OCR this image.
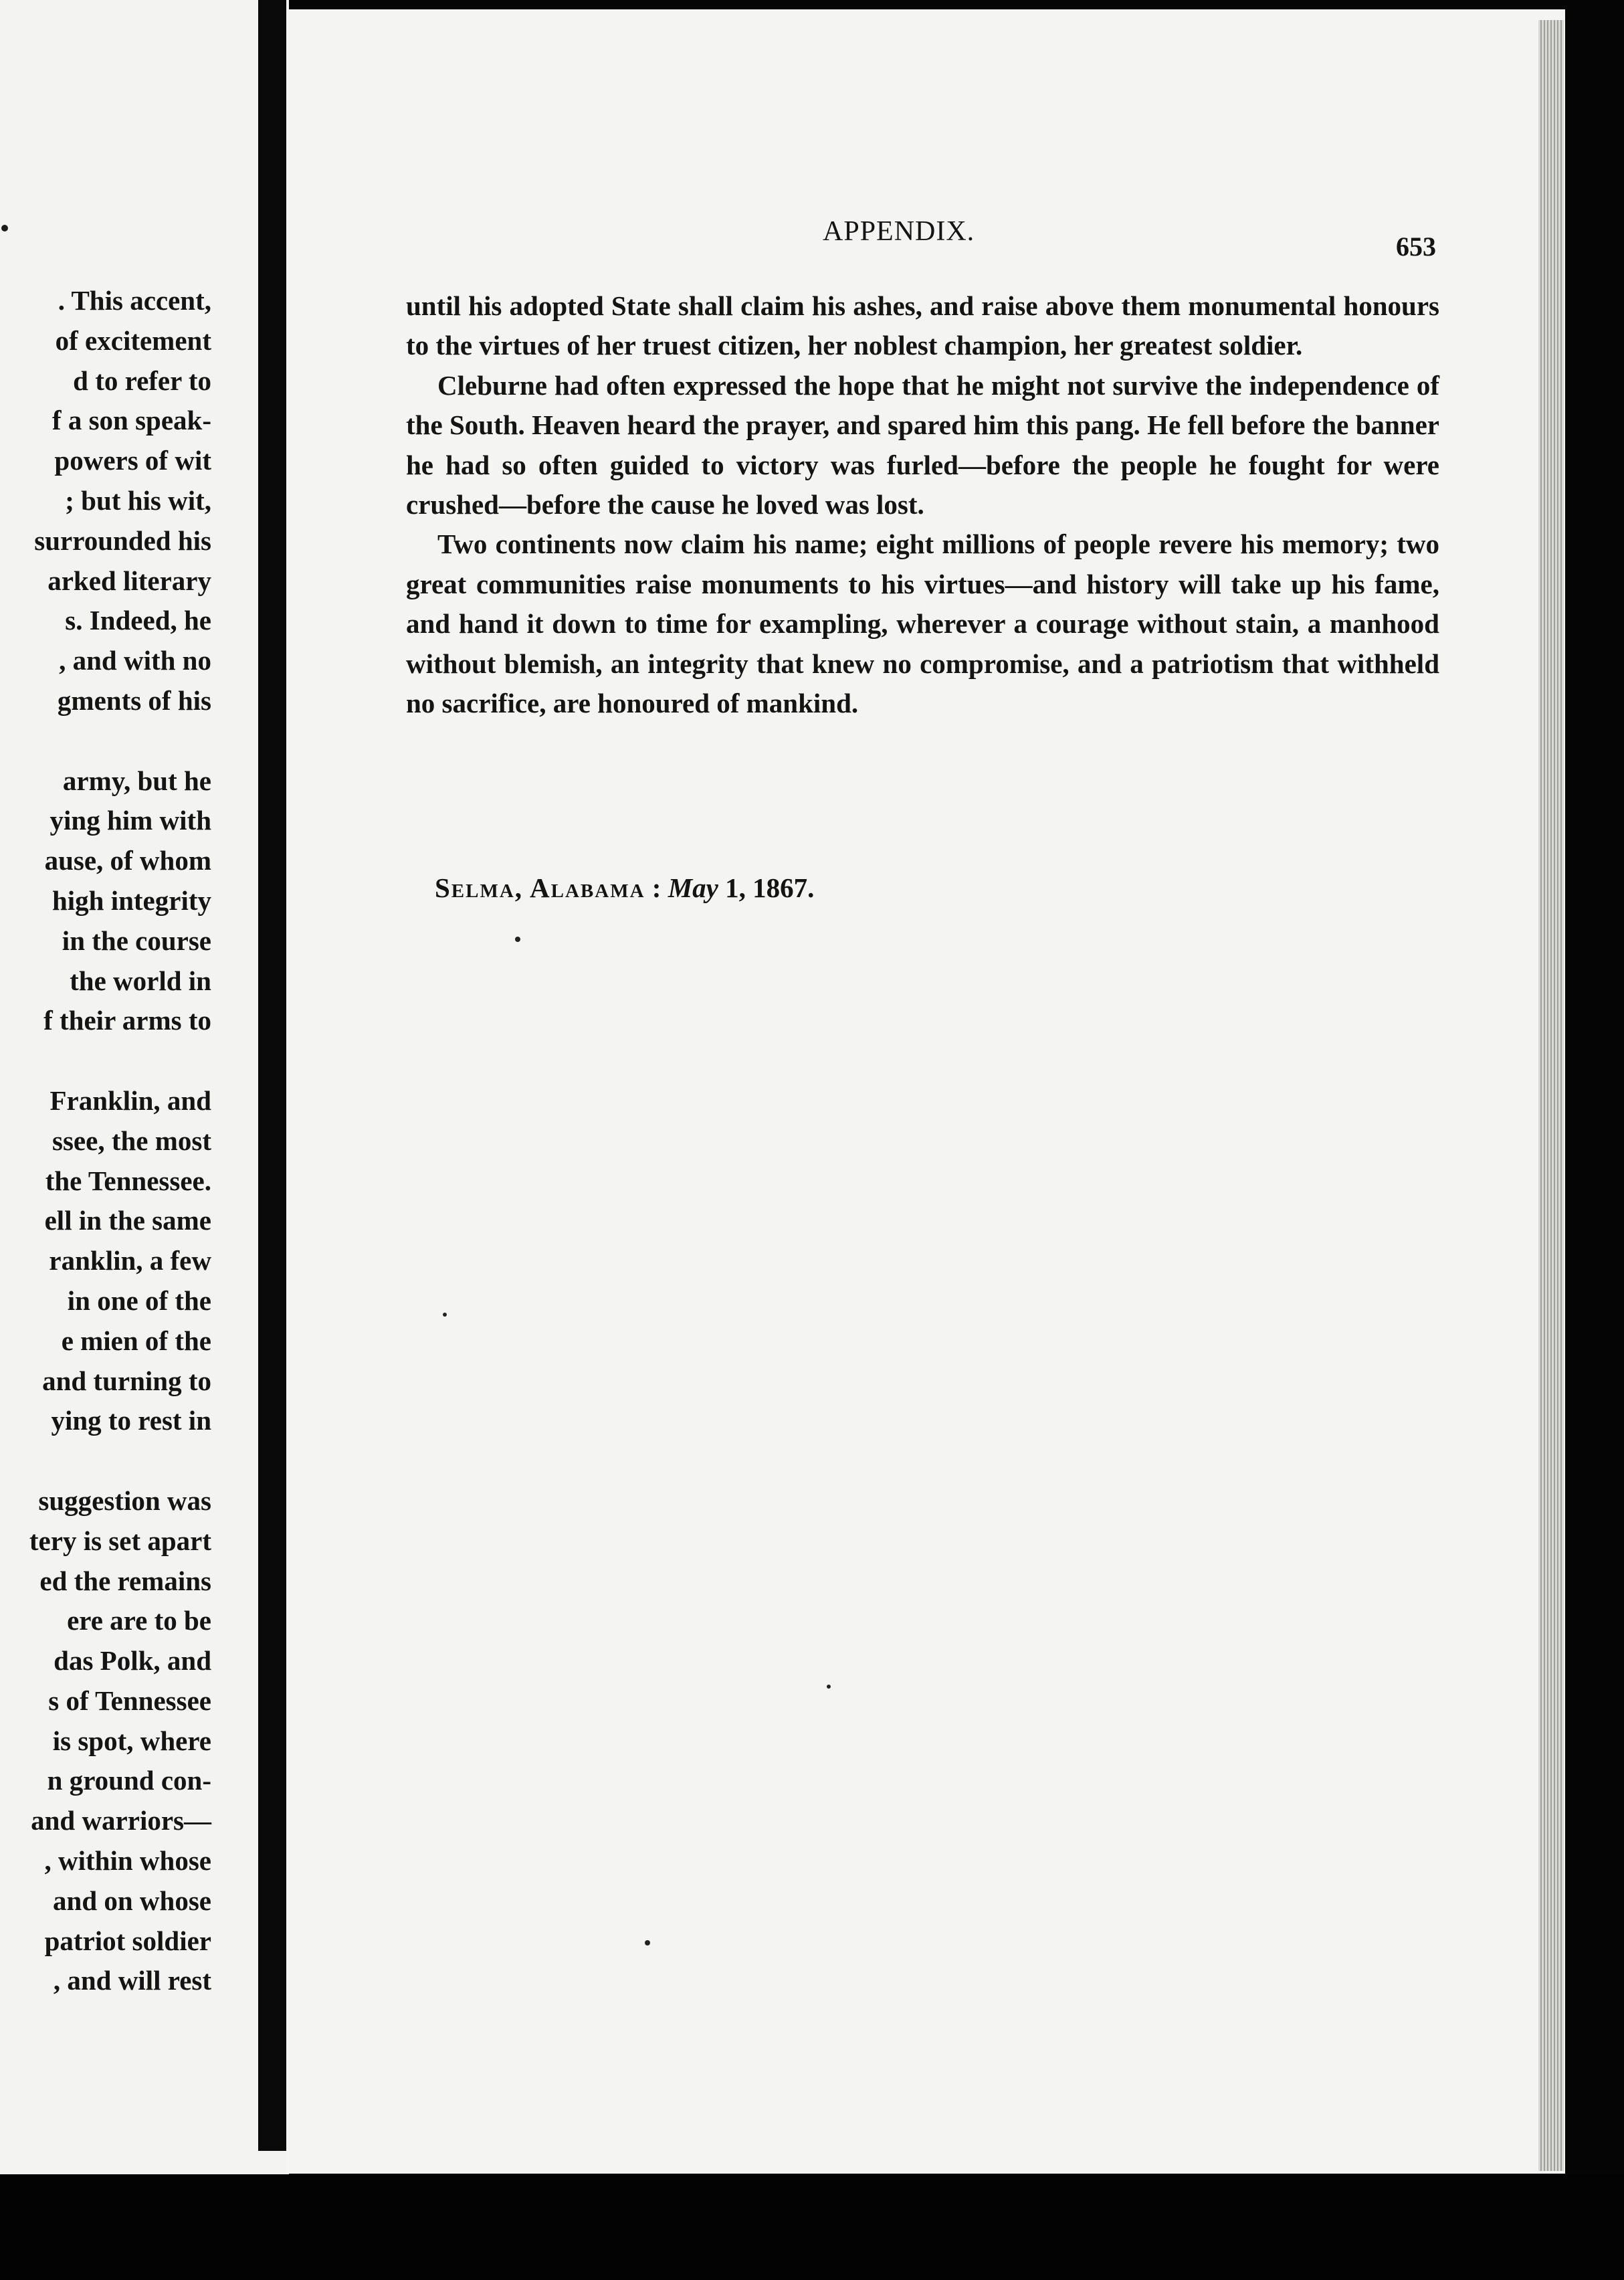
. This accent,
of excitement
d to refer to
f a son speak-
powers of wit
; but his wit,
surrounded his
arked literary
s. Indeed, he
, and with no
gments of his
army, but he
ying him with
ause, of whom
high integrity
in the course
the world in
f their arms to
Franklin, and
ssee, the most
the Tennessee.
ell in the same
ranklin, a few
in one of the
e mien of the
and turning to
ying to rest in
suggestion was
tery is set apart
ed the remains
ere are to be
das Polk, and
s of Tennessee
is spot, where
n ground con-
and warriors—
, within whose
and on whose
patriot soldier
, and will rest
APPENDIX.	653

until his adopted State shall claim his ashes, and raise above them monumental honours to the virtues of her truest citizen, her noblest champion, her greatest soldier.

Cleburne had often expressed the hope that he might not survive the independence of the South. Heaven heard the prayer, and spared him this pang. He fell before the banner he had so often guided to victory was furled—before the people he fought for were crushed—before the cause he loved was lost.

Two continents now claim his name; eight millions of people revere his memory; two great communities raise monuments to his virtues—and history will take up his fame, and hand it down to time for exampling, wherever a courage without stain, a manhood without blemish, an integrity that knew no compromise, and a patriotism that withheld no sacrifice, are honoured of mankind.

Selma, Alabama : May 1, 1867.
